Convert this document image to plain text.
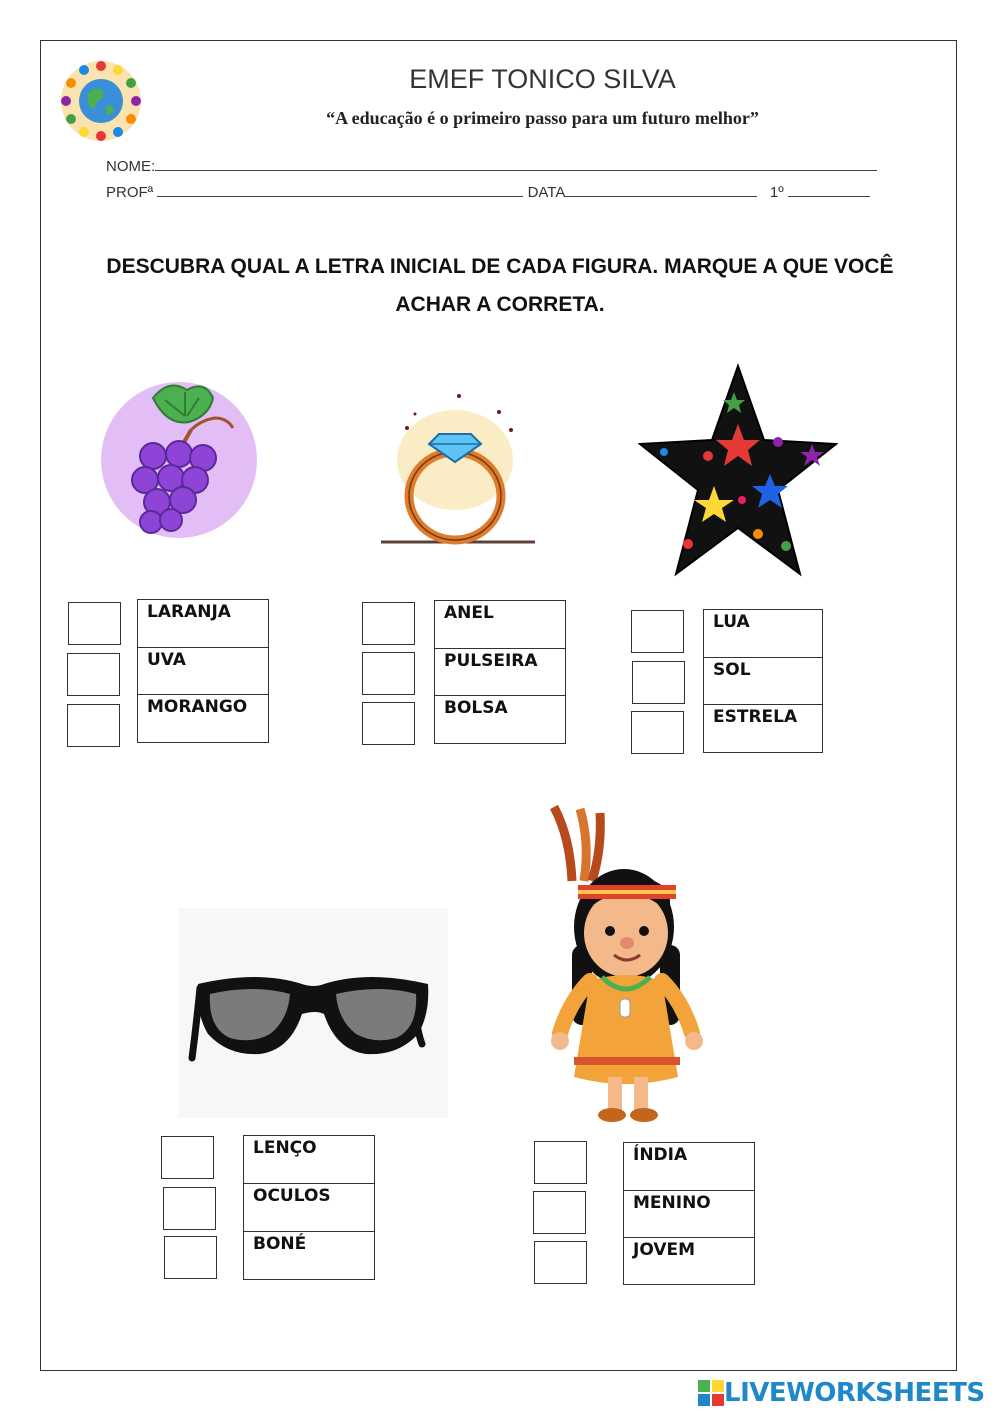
EMEF TONICO SILVA
“A educação é o primeiro passo para um futuro melhor”
NOME:
PROFª	DATA	1º
DESCUBRA QUAL A LETRA INICIAL DE CADA FIGURA. MARQUE A QUE VOCÊ
ACHAR A CORRETA.
LARANJA
UVA
MORANGO
ANEL
PULSEIRA
BOLSA
LUA
SOL
ESTRELA
LENÇO
OCULOS
BONÉ
ÍNDIA
MENINO
JOVEM
LIVEWORKSHEETS
